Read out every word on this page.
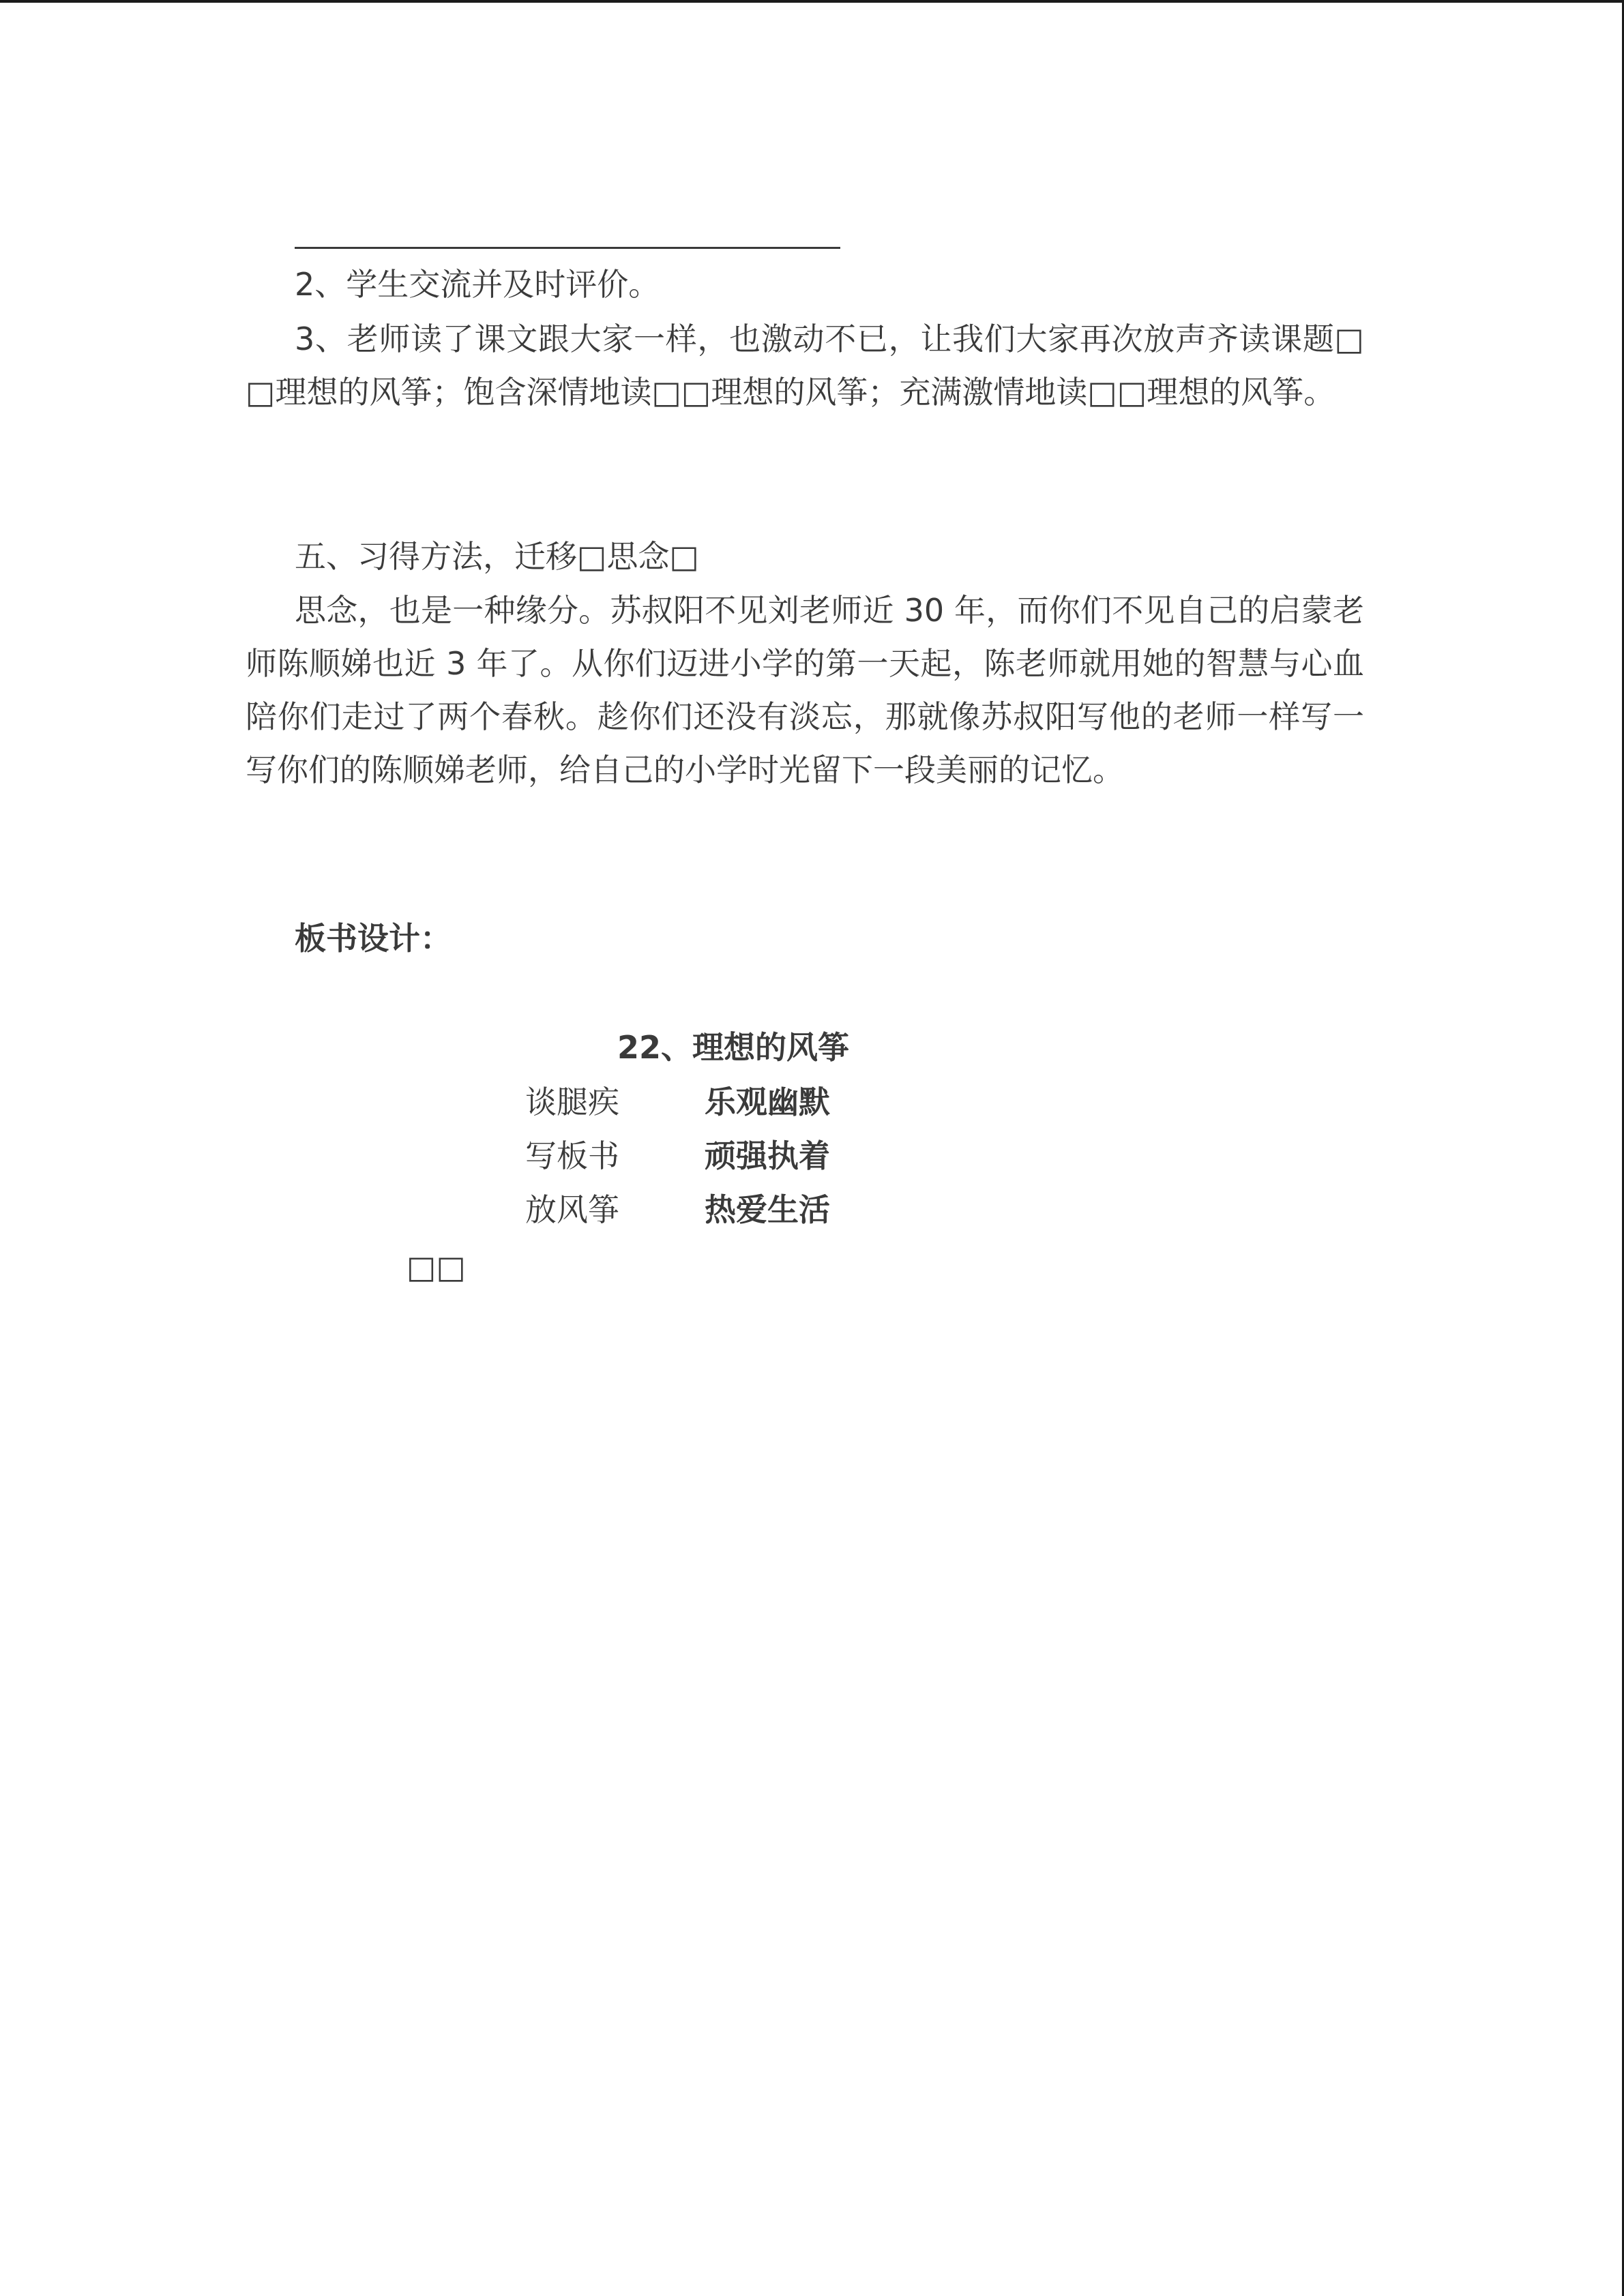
2、学生交流并及时评价。
3、老师读了课文跟大家一样，也激动不已，让我们大家再次放声齐读课题□□理想的风筝；饱含深情地读□□理想的风筝；充满激情地读□□理想的风筝。
五、习得方法，迁移□思念□
思念，也是一种缘分。苏叔阳不见刘老师近 30 年，而你们不见自己的启蒙老师陈顺娣也近 3 年了。从你们迈进小学的第一天起，陈老师就用她的智慧与心血陪你们走过了两个春秋。趁你们还没有淡忘，那就像苏叔阳写他的老师一样写一写你们的陈顺娣老师，给自己的小学时光留下一段美丽的记忆。
板书设计：
22、理想的风筝
谈腿疾	乐观幽默
写板书	顽强执着
放风筝	热爱生活
□□
